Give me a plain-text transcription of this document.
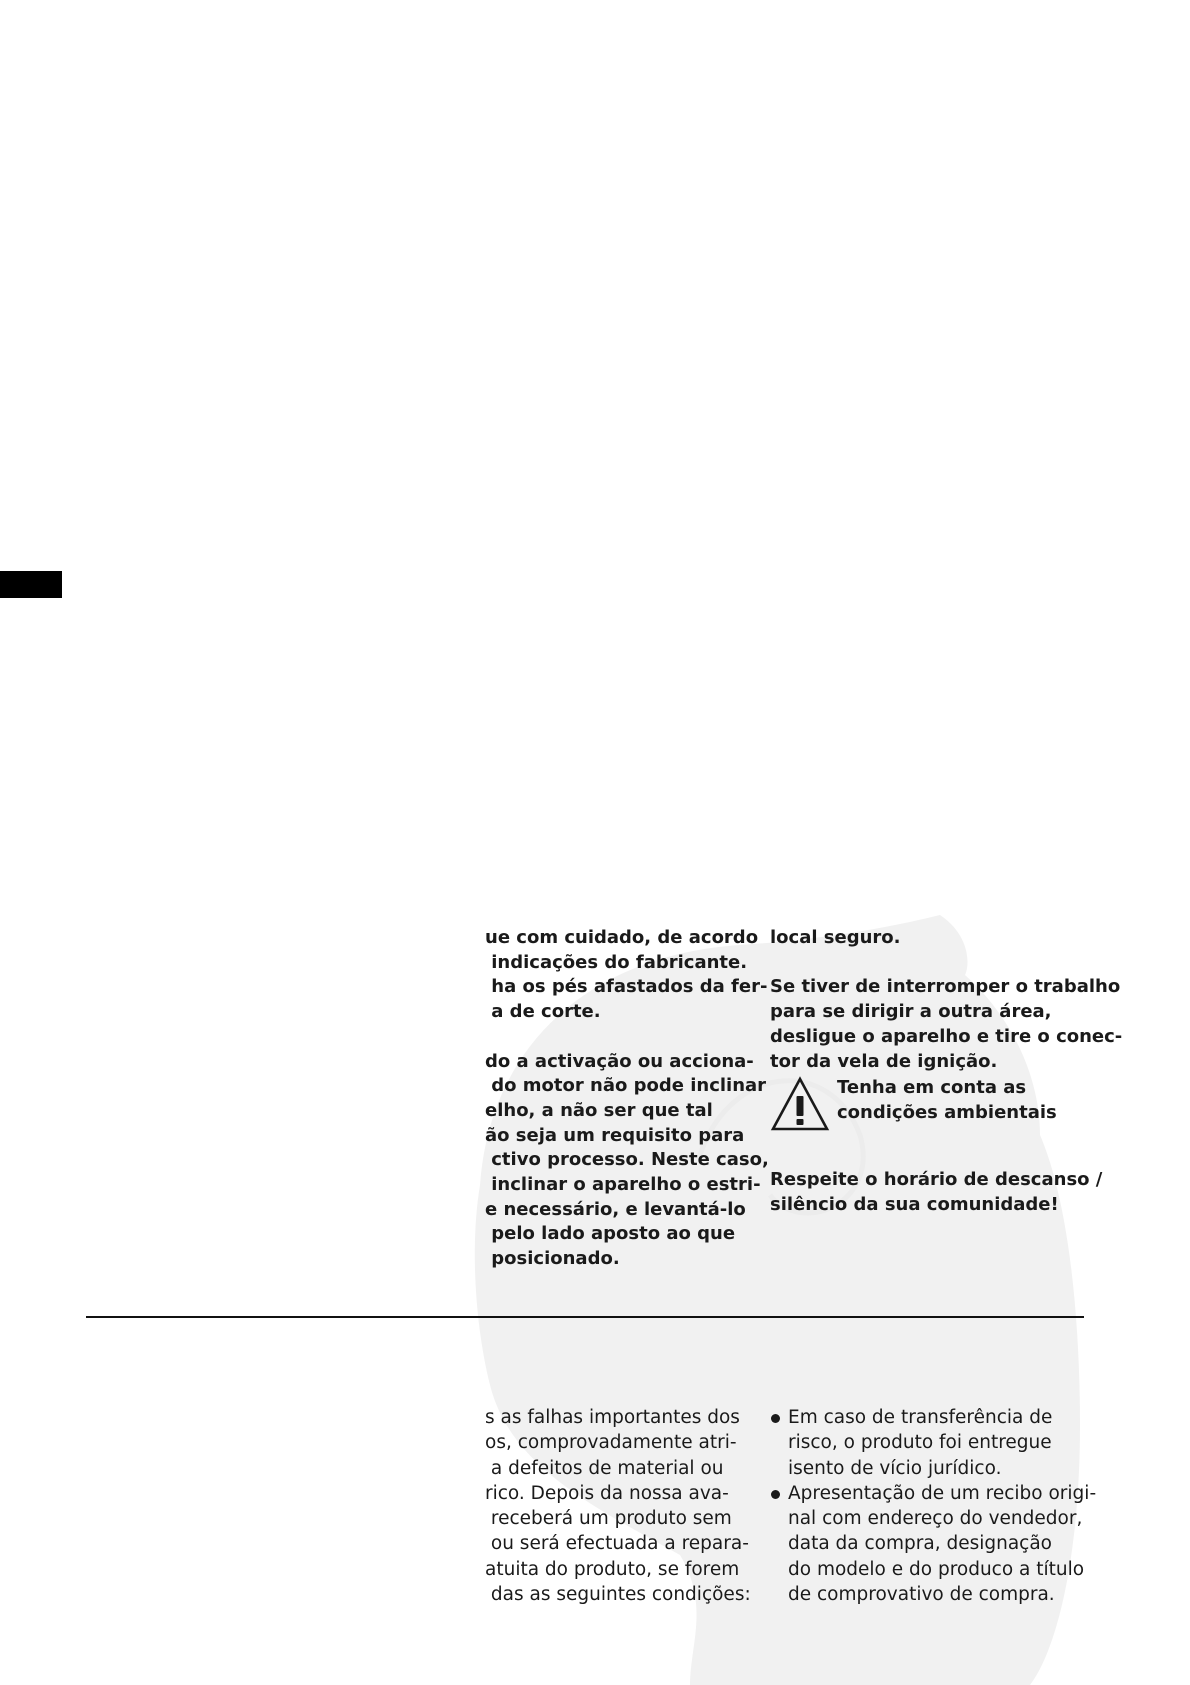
ue com cuidado, de acordo

indicações do fabricante.

ha os pés afastados da fer-

a de corte.

do a activação ou acciona-

do motor não pode inclinar

elho, a não ser que tal

ão seja um requisito para

ctivo processo. Neste caso,

inclinar o aparelho o estri-

e necessário, e levantá-lo

pelo lado aposto ao que

posicionado.

local seguro.

Se tiver de interromper o trabalho

para se dirigir a outra área,

desligue o aparelho e tire o conec-

tor da vela de ignição.

Tenha em conta as

condições ambientais

Respeite o horário de descanso /

silêncio da sua comunidade!

s as falhas importantes dos

os, comprovadamente atri-

a defeitos de material ou

rico. Depois da nossa ava-

receberá um produto sem

ou será efectuada a repara-

atuita do produto, se forem

das as seguintes condições:

Em caso de transferência de

risco, o produto foi entregue

isento de vício jurídico.

Apresentação de um recibo origi-

nal com endereço do vendedor,

data da compra, designação

do modelo e do produco a título

de comprovativo de compra.
